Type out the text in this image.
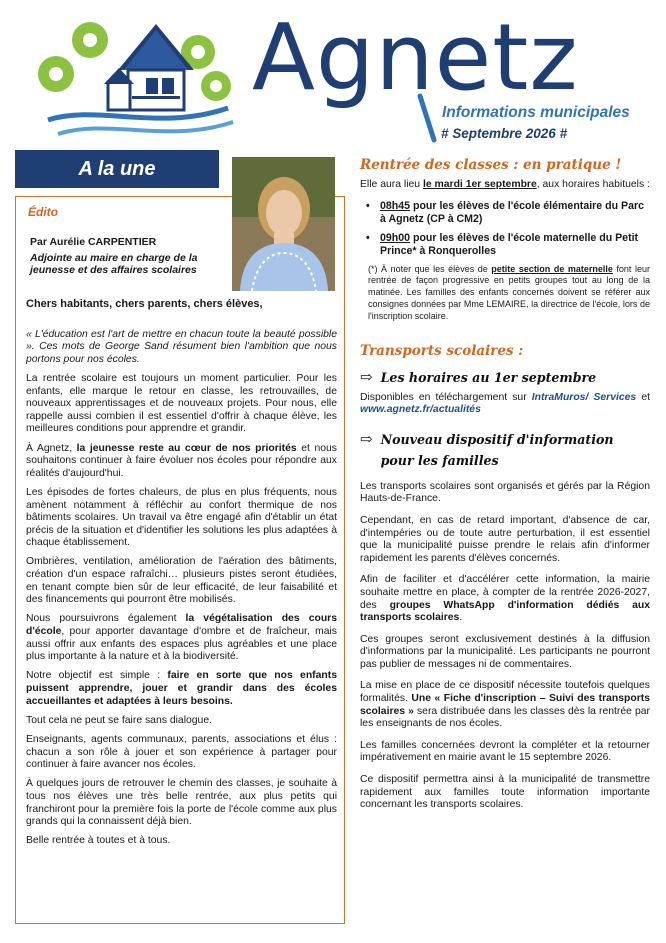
Agnetz
Informations municipales
# Septembre 2026 #
A la une
Édito
Par Aurélie CARPENTIER
Adjointe au maire en charge de la jeunesse et des affaires scolaires

Chers habitants, chers parents, chers élèves,

« L'éducation est l'art de mettre en chacun toute la beauté possible ». Ces mots de George Sand résument bien l'ambition que nous portons pour nos écoles.

La rentrée scolaire est toujours un moment particulier. Pour les enfants, elle marque le retour en classe, les retrouvailles, de nouveaux apprentissages et de nouveaux projets. Pour nous, elle rappelle aussi combien il est essentiel d'offrir à chaque élève, les meilleures conditions pour apprendre et grandir.

À Agnetz, la jeunesse reste au cœur de nos priorités et nous souhaitons continuer à faire évoluer nos écoles pour répondre aux réalités d'aujourd'hui.

Les épisodes de fortes chaleurs, de plus en plus fréquents, nous amènent notamment à réfléchir au confort thermique de nos bâtiments scolaires. Un travail va être engagé afin d'établir un état précis de la situation et d'identifier les solutions les plus adaptées à chaque établissement.

Ombrières, ventilation, amélioration de l'aération des bâtiments, création d'un espace rafraîchi… plusieurs pistes seront étudiées, en tenant compte bien sûr de leur efficacité, de leur faisabilité et des financements qui pourront être mobilisés.

Nous poursuivrons également la végétalisation des cours d'école, pour apporter davantage d'ombre et de fraîcheur, mais aussi offrir aux enfants des espaces plus agréables et une place plus importante à la nature et à la biodiversité.

Notre objectif est simple : faire en sorte que nos enfants puissent apprendre, jouer et grandir dans des écoles accueillantes et adaptées à leurs besoins.

Tout cela ne peut se faire sans dialogue.

Enseignants, agents communaux, parents, associations et élus : chacun a son rôle à jouer et son expérience à partager pour continuer à faire avancer nos écoles.

À quelques jours de retrouver le chemin des classes, je souhaite à tous nos élèves une très belle rentrée, aux plus petits qui franchiront pour la première fois la porte de l'école comme aux plus grands qui la connaissent déjà bien.

Belle rentrée à toutes et à tous.

Rentrée des classes : en pratique !
Elle aura lieu le mardi 1er septembre, aux horaires habituels :
• 08h45 pour les élèves de l'école élémentaire du Parc à Agnetz (CP à CM2)
• 09h00 pour les élèves de l'école maternelle du Petit Prince* à Ronquerolles
(*) À noter que les élèves de petite section de maternelle font leur rentrée de façon progressive en petits groupes tout au long de la matinée. Les familles des enfants concernés doivent se référer aux consignes données par Mme LEMAIRE, la directrice de l'école, lors de l'inscription scolaire.
Transports scolaires :
⇨ Les horaires au 1er septembre
Disponibles en téléchargement sur IntraMuros/ Services et www.agnetz.fr/actualités
⇨ Nouveau dispositif d'information pour les familles

Les transports scolaires sont organisés et gérés par la Région Hauts-de-France.

Cependant, en cas de retard important, d'absence de car, d'intempéries ou de toute autre perturbation, il est essentiel que la municipalité puisse prendre le relais afin d'informer rapidement les parents d'élèves concernés.

Afin de faciliter et d'accélérer cette information, la mairie souhaite mettre en place, à compter de la rentrée 2026-2027, des groupes WhatsApp d'information dédiés aux transports scolaires.

Ces groupes seront exclusivement destinés à la diffusion d'informations par la municipalité. Les participants ne pourront pas publier de messages ni de commentaires.

La mise en place de ce dispositif nécessite toutefois quelques formalités. Une « Fiche d'inscription – Suivi des transports scolaires » sera distribuée dans les classes dès la rentrée par les enseignants de nos écoles.

Les familles concernées devront la compléter et la retourner impérativement en mairie avant le 15 septembre 2026.

Ce dispositif permettra ainsi à la municipalité de transmettre rapidement aux familles toute information importante concernant les transports scolaires.
